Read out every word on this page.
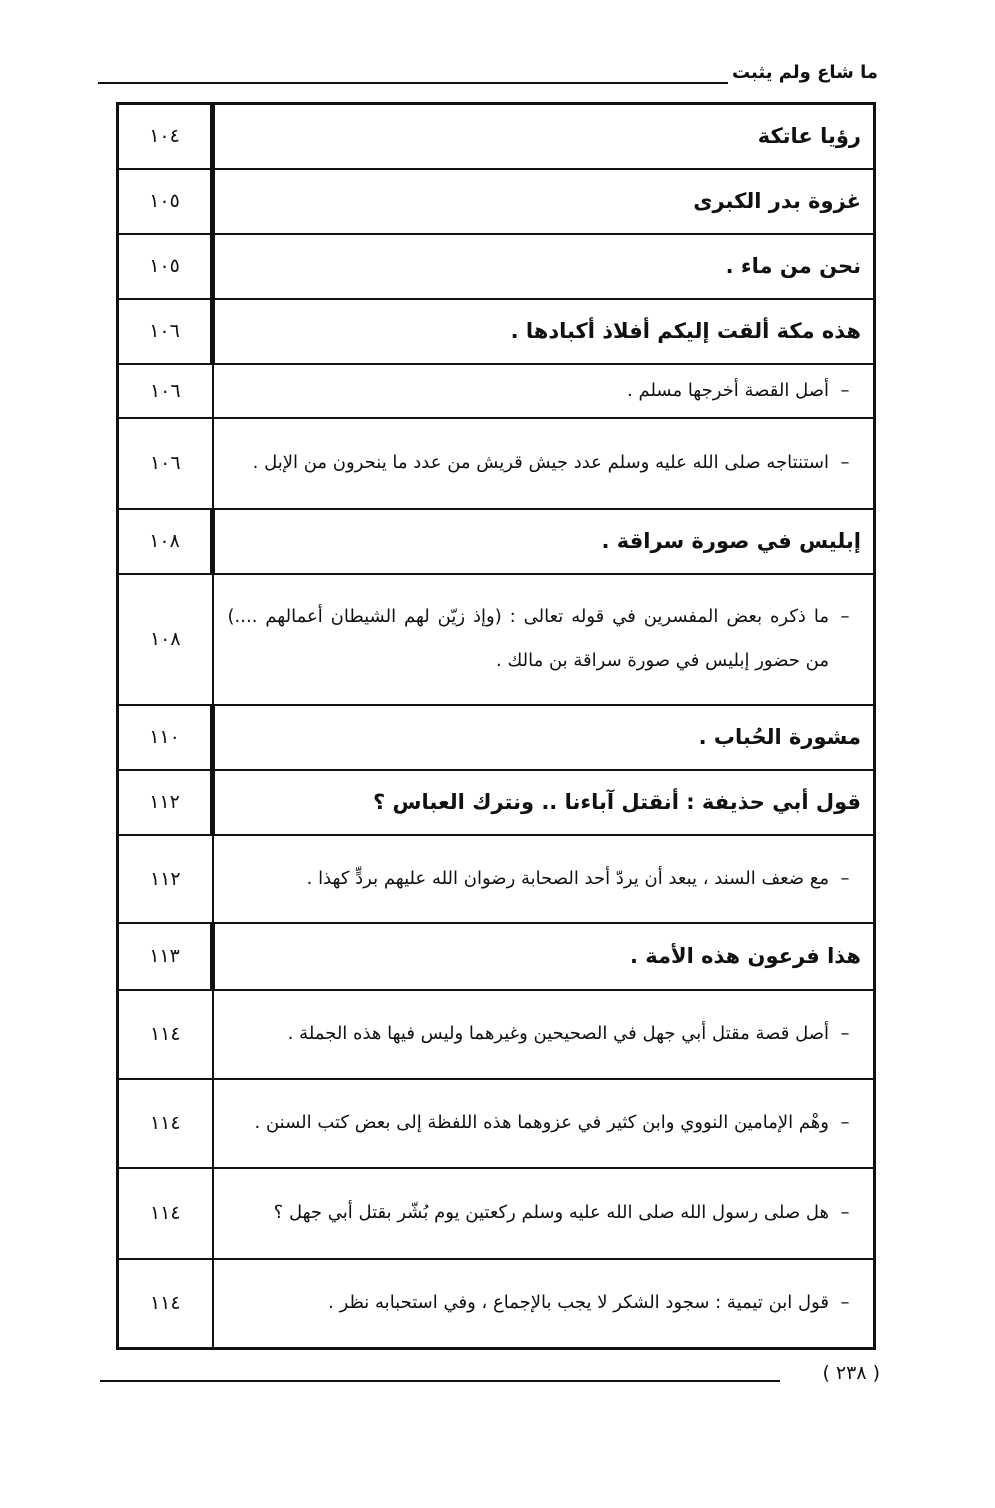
ما شاع ولم يثبت
رؤيا عاتكة	١٠٤
غزوة بدر الكبرى	١٠٥
نحن من ماء .	١٠٥
هذه مكة ألقت إليكم أفلاذ أكبادها .	١٠٦

–
أصل القصة أخرجها مسلم .	١٠٦

–
استنتاجه صلى الله عليه وسلم عدد جيش قريش من عدد ما ينحرون من الإبل .	١٠٦
إبليس في صورة سراقة .	١٠٨

–
ما ذكره بعض المفسرين في قوله تعالى : (وإذ زيّن لهم الشيطان أعمالهم ....) من حضور إبليس في صورة سراقة بن مالك .	١٠٨
مشورة الحُباب .	١١٠
قول أبي حذيفة : أنقتل آباءنا .. ونترك العباس ؟	١١٢

–
مع ضعف السند ، يبعد أن يردّ أحد الصحابة رضوان الله عليهم بردٍّ كهذا .	١١٢
هذا فرعون هذه الأمة .	١١٣

–
أصل قصة مقتل أبي جهل في الصحيحين وغيرهما وليس فيها هذه الجملة .	١١٤

–
وهْم الإمامين النووي وابن كثير في عزوهما هذه اللفظة إلى بعض كتب السنن .	١١٤

–
هل صلى رسول الله صلى الله عليه وسلم ركعتين يوم بُشّر بقتل أبي جهل ؟	١١٤

–
قول ابن تيمية : سجود الشكر لا يجب بالإجماع ، وفي استحبابه نظر .	١١٤
( ٢٣٨ )
